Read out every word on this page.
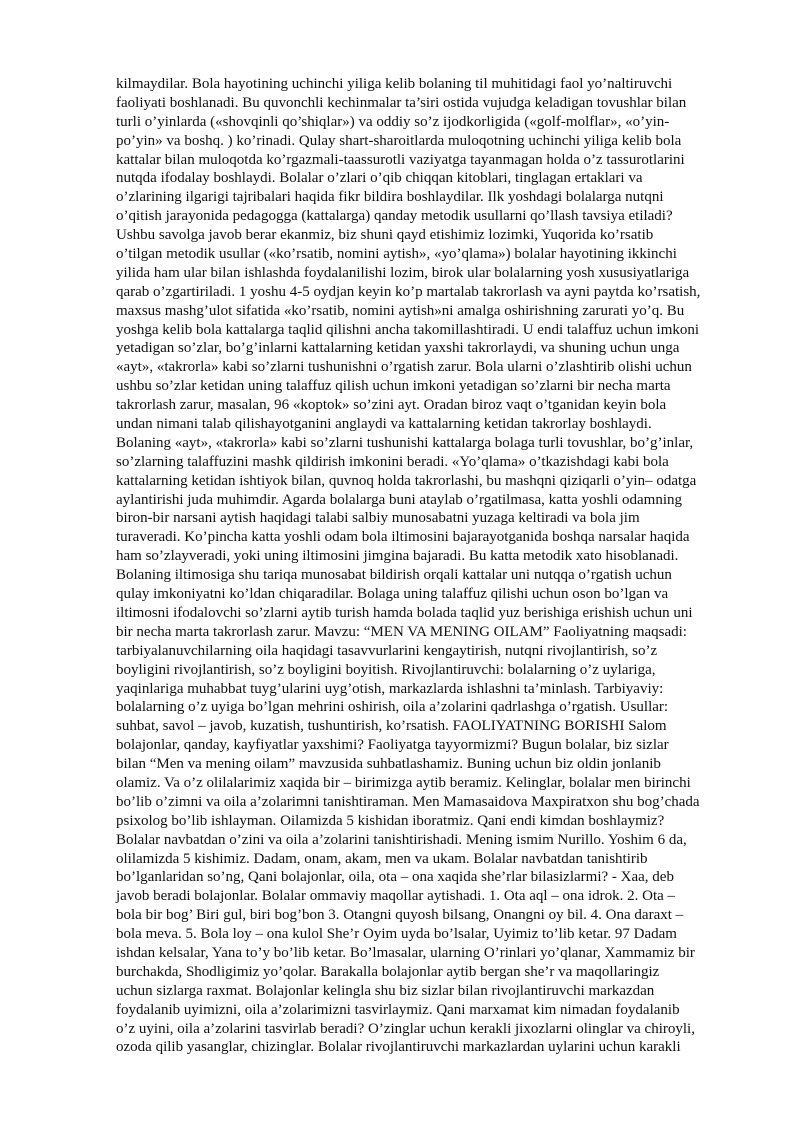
kilmaydilar. Bola hayotining uchinchi yiliga kelib bolaning til muhitidagi faol yo’naltiruvchi
faoliyati boshlanadi. Bu quvonchli kechinmalar ta’siri ostida vujudga keladigan tovushlar bilan
turli o’yinlarda («shovqinli qo’shiqlar») va oddiy so’z ijodkorligida («golf-molflar», «o’yin-
po’yin» va boshq. ) ko’rinadi. Qulay shart-sharoitlarda muloqotning uchinchi yiliga kelib bola
kattalar bilan muloqotda ko’rgazmali-taassurotli vaziyatga tayanmagan holda o’z tassurotlarini
nutqda ifodalay boshlaydi. Bolalar o’zlari o’qib chiqqan kitoblari, tinglagan ertaklari va
o’zlarining ilgarigi tajribalari haqida fikr bildira boshlaydilar. Ilk yoshdagi bolalarga nutqni
o’qitish jarayonida pedagogga (kattalarga) qanday metodik usullarni qo’llash tavsiya etiladi?
Ushbu savolga javob berar ekanmiz, biz shuni qayd etishimiz lozimki, Yuqorida ko’rsatib
o’tilgan metodik usullar («ko’rsatib, nomini aytish», «yo’qlama») bolalar hayotining ikkinchi
yilida ham ular bilan ishlashda foydalanilishi lozim, birok ular bolalarning yosh xususiyatlariga
qarab o’zgartiriladi. 1 yoshu 4-5 oydjan keyin ko’p martalab takrorlash va ayni paytda ko’rsatish,
maxsus mashg’ulot sifatida «ko’rsatib, nomini aytish»ni amalga oshirishning zarurati yo’q. Bu
yoshga kelib bola kattalarga taqlid qilishni ancha takomillashtiradi. U endi talaffuz uchun imkoni
yetadigan so’zlar, bo’g’inlarni kattalarning ketidan yaxshi takrorlaydi, va shuning uchun unga
«ayt», «takrorla» kabi so’zlarni tushunishni o’rgatish zarur. Bola ularni o’zlashtirib olishi uchun
ushbu so’zlar ketidan uning talaffuz qilish uchun imkoni yetadigan so’zlarni bir necha marta
takrorlash zarur, masalan, 96 «koptok» so’zini ayt. Oradan biroz vaqt o’tganidan keyin bola
undan nimani talab qilishayotganini anglaydi va kattalarning ketidan takrorlay boshlaydi.
Bolaning «ayt», «takrorla» kabi so’zlarni tushunishi kattalarga bolaga turli tovushlar, bo’g’inlar,
so’zlarning talaffuzini mashk qildirish imkonini beradi. «Yo’qlama» o’tkazishdagi kabi bola
kattalarning ketidan ishtiyok bilan, quvnoq holda takrorlashi, bu mashqni qiziqarli o’yin– odatga
aylantirishi juda muhimdir. Agarda bolalarga buni ataylab o’rgatilmasa, katta yoshli odamning
biron-bir narsani aytish haqidagi talabi salbiy munosabatni yuzaga keltiradi va bola jim
turaveradi. Ko’pincha katta yoshli odam bola iltimosini bajarayotganida boshqa narsalar haqida
ham so’zlayveradi, yoki uning iltimosini jimgina bajaradi. Bu katta metodik xato hisoblanadi.
Bolaning iltimosiga shu tariqa munosabat bildirish orqali kattalar uni nutqqa o’rgatish uchun
qulay imkoniyatni ko’ldan chiqaradilar. Bolaga uning talaffuz qilishi uchun oson bo’lgan va
iltimosni ifodalovchi so’zlarni aytib turish hamda bolada taqlid yuz berishiga erishish uchun uni
bir necha marta takrorlash zarur. Mavzu: “MEN VA MENING OILAM” Faoliyatning maqsadi:
tarbiyalanuvchilarning oila haqidagi tasavvurlarini kengaytirish, nutqni rivojlantirish, so’z
boyligini rivojlantirish, so’z boyligini boyitish. Rivojlantiruvchi: bolalarning o’z uylariga,
yaqinlariga muhabbat tuyg’ularini uyg’otish, markazlarda ishlashni ta’minlash. Tarbiyaviy:
bolalarning o’z uyiga bo’lgan mehrini oshirish, oila a’zolarini qadrlashga o’rgatish. Usullar:
suhbat, savol – javob, kuzatish, tushuntirish, ko’rsatish. FAOLIYATNING BORISHI Salom
bolajonlar, qanday, kayfiyatlar yaxshimi? Faoliyatga tayyormizmi? Bugun bolalar, biz sizlar
bilan “Men va mening oilam” mavzusida suhbatlashamiz. Buning uchun biz oldin jonlanib
olamiz. Va o’z olilalarimiz xaqida bir – birimizga aytib beramiz. Kelinglar, bolalar men birinchi
bo’lib o’zimni va oila a’zolarimni tanishtiraman. Men Mamasaidova Maxpiratxon shu bog’chada
psixolog bo’lib ishlayman. Oilamizda 5 kishidan iboratmiz. Qani endi kimdan boshlaymiz?
Bolalar navbatdan o’zini va oila a’zolarini tanishtirishadi. Mening ismim Nurillo. Yoshim 6 da,
olilamizda 5 kishimiz. Dadam, onam, akam, men va ukam. Bolalar navbatdan tanishtirib
bo’lganlaridan so’ng, Qani bolajonlar, oila, ota – ona xaqida she’rlar bilasizlarmi? - Xaa, deb
javob beradi bolajonlar. Bolalar ommaviy maqollar aytishadi. 1. Ota aql – ona idrok. 2. Ota –
bola bir bog’ Biri gul, biri bog’bon 3. Otangni quyosh bilsang, Onangni oy bil. 4. Ona daraxt –
bola meva. 5. Bola loy – ona kulol She’r Oyim uyda bo’lsalar, Uyimiz to’lib ketar. 97 Dadam
ishdan kelsalar, Yana to’y bo’lib ketar. Bo’lmasalar, ularning O’rinlari yo’qlanar, Xammamiz bir
burchakda, Shodligimiz yo’qolar. Barakalla bolajonlar aytib bergan she’r va maqollaringiz
uchun sizlarga raxmat. Bolajonlar kelingla shu biz sizlar bilan rivojlantiruvchi markazdan
foydalanib uyimizni, oila a’zolarimizni tasvirlaymiz. Qani marxamat kim nimadan foydalanib
o’z uyini, oila a’zolarini tasvirlab beradi? O’zinglar uchun kerakli jixozlarni olinglar va chiroyli,
ozoda qilib yasanglar, chizinglar. Bolalar rivojlantiruvchi markazlardan uylarini uchun karakli
